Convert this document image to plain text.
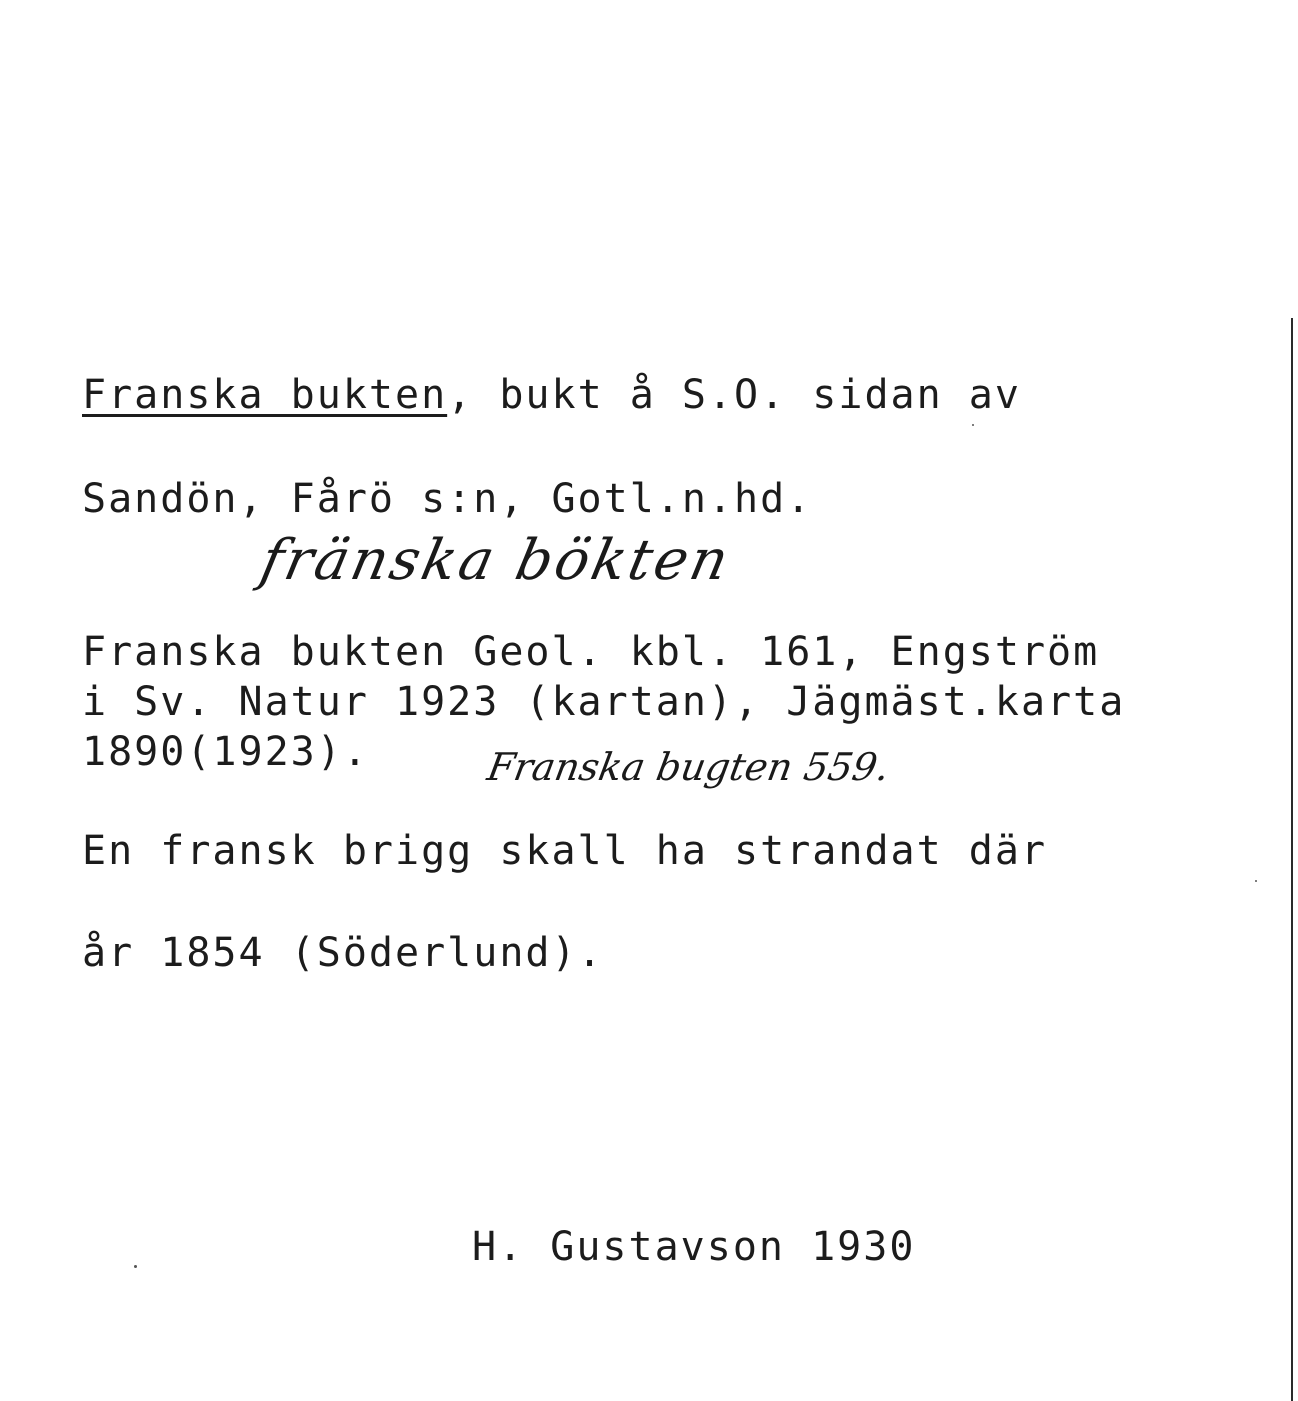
Franska bukten, bukt å S.O. sidan av

Sandön, Fårö s:n, Gotl.n.hd.

fränska bökten

Franska bukten Geol. kbl. 161, Engström

i Sv. Natur 1923 (kartan), Jägmäst.karta

1890(1923).	Franska bugten 559.

En fransk brigg skall ha strandat där

år 1854 (Söderlund).

H. Gustavson 1930
